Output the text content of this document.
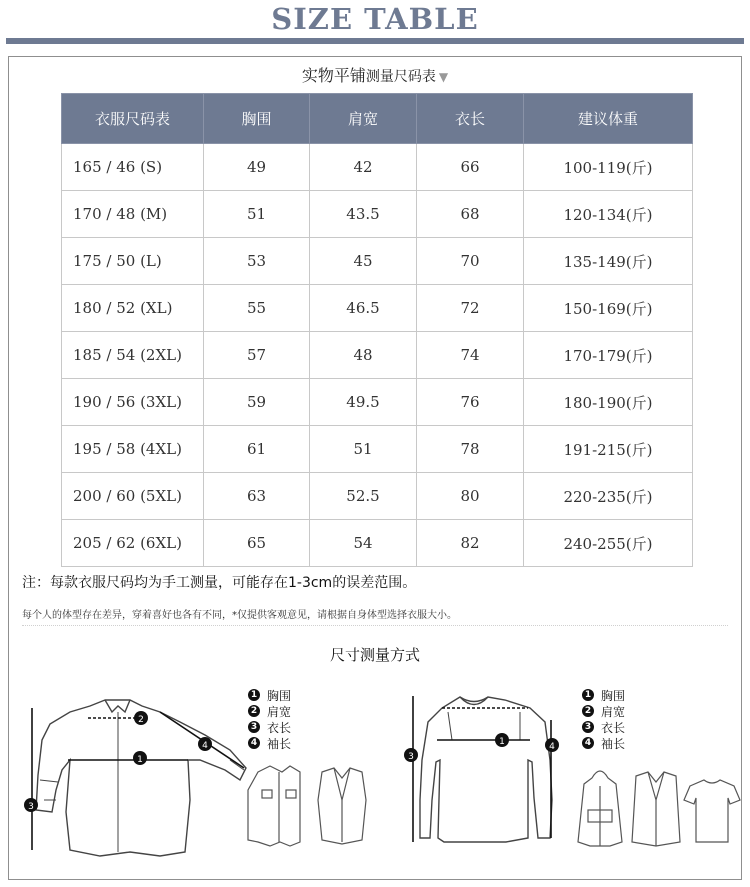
SIZE TABLE
实物平铺测量尺码表 ▼
衣服尺码表	胸围	肩宽	衣长	建议体重
165 / 46 (S)	49	42	66	100-119(斤)
170 / 48 (M)	51	43.5	68	120-134(斤)
175 / 50 (L)	53	45	70	135-149(斤)
180 / 52 (XL)	55	46.5	72	150-169(斤)
185 / 54 (2XL)	57	48	74	170-179(斤)
190 / 56 (3XL)	59	49.5	76	180-190(斤)
195 / 58 (4XL)	61	51	78	191-215(斤)
200 / 60 (5XL)	63	52.5	80	220-235(斤)
205 / 62 (6XL)	65	54	82	240-255(斤)
注：每款衣服尺码均为手工测量，可能存在1-3cm的误差范围。
每个人的体型存在差异，穿着喜好也各有不同，*仅提供客观意见，请根据自身体型选择衣服大小。
尺寸测量方式
1 胸围
2 肩宽
3 衣长
4 袖长
1 胸围
2 肩宽
3 衣长
4 袖长
1
2
3
4	1
3
4
